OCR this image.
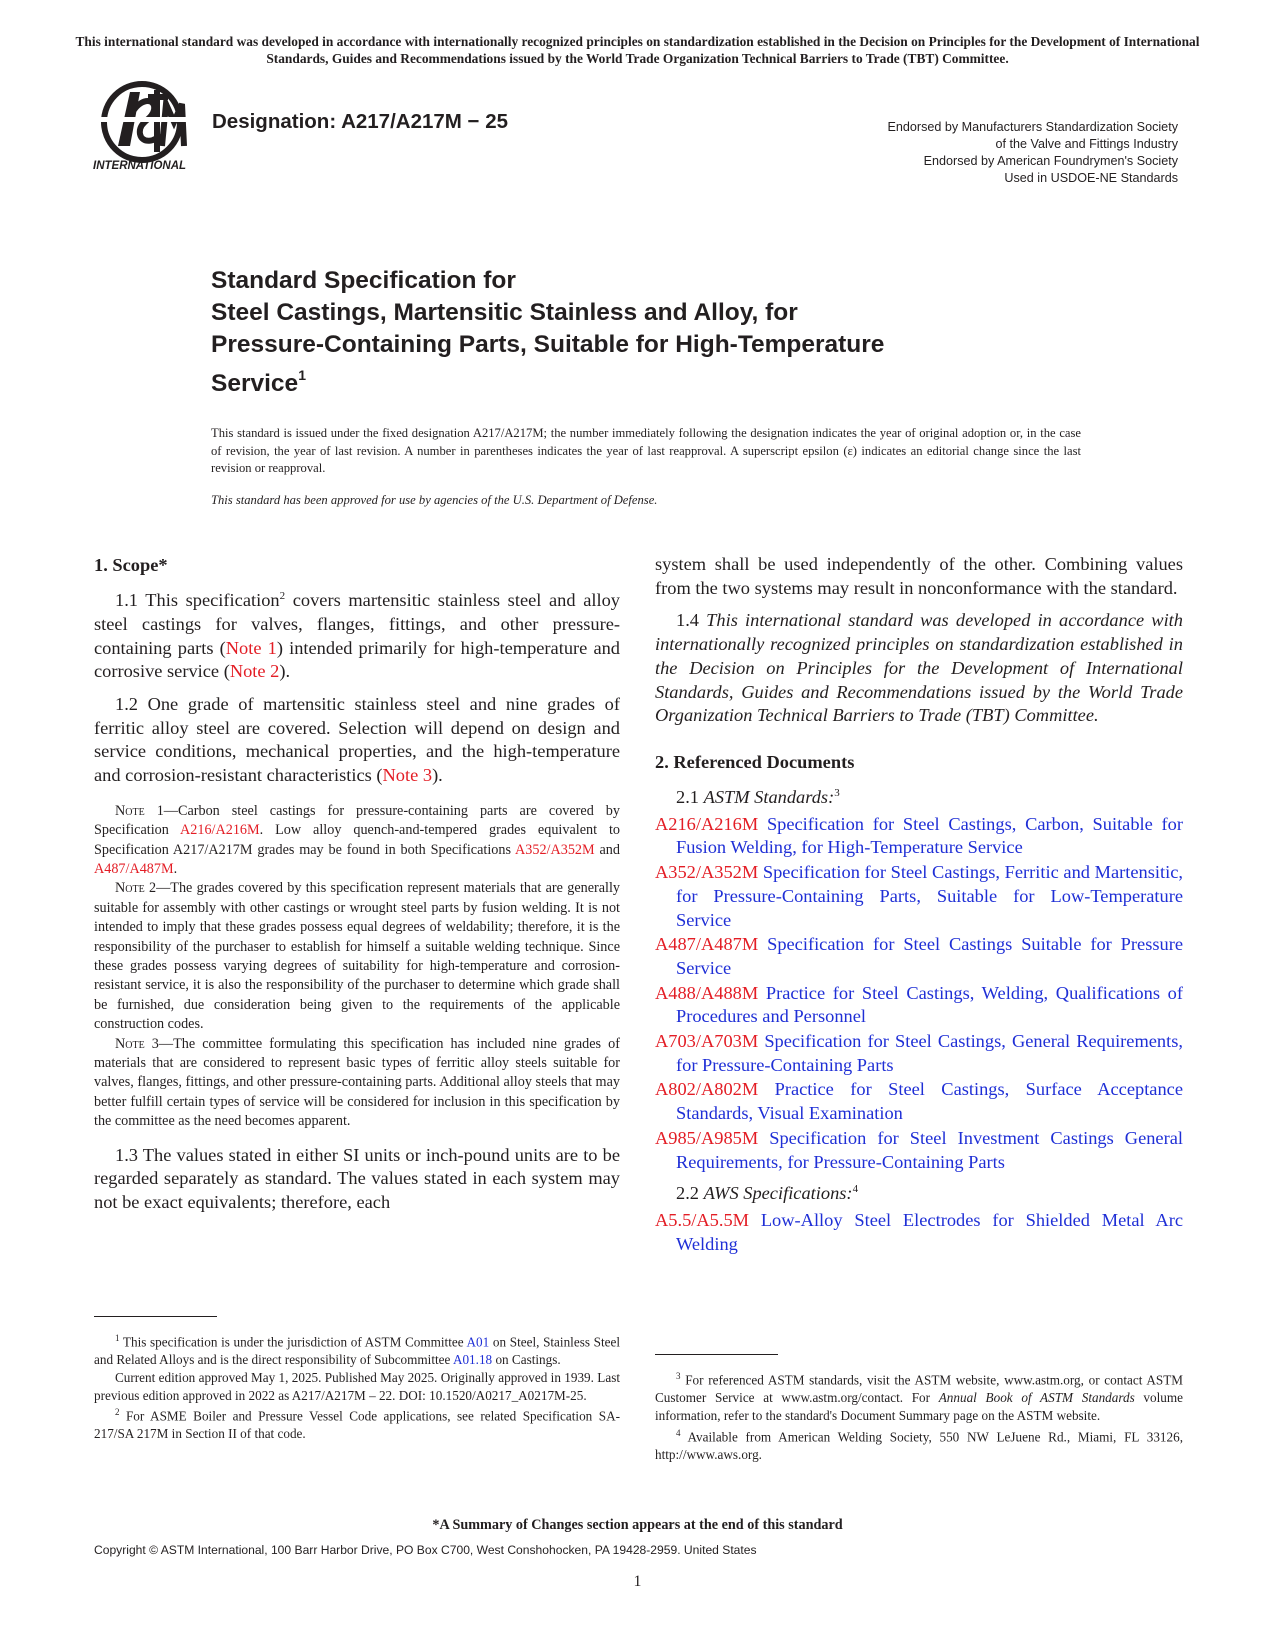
This international standard was developed in accordance with internationally recognized principles on standardization established in the Decision on Principles for the Development of International Standards, Guides and Recommendations issued by the World Trade Organization Technical Barriers to Trade (TBT) Committee.
INTERNATIONAL
Designation: A217/A217M − 25	Endorsed by Manufacturers Standardization Society
of the Valve and Fittings Industry
Endorsed by American Foundrymen's Society
Used in USDOE-NE Standards
Standard Specification for
Steel Castings, Martensitic Stainless and Alloy, for
Pressure-Containing Parts, Suitable for High-Temperature
Service$^1$
This standard is issued under the fixed designation A217/A217M; the number immediately following the designation indicates the year of original adoption or, in the case of revision, the year of last revision. A number in parentheses indicates the year of last reapproval. A superscript epsilon (ε) indicates an editorial change since the last revision or reapproval.
This standard has been approved for use by agencies of the U.S. Department of Defense.
1. Scope*

1.1 This specification$^2$ covers martensitic stainless steel and alloy steel castings for valves, flanges, fittings, and other pressure-containing parts (Note 1) intended primarily for high-temperature and corrosive service (Note 2).

1.2 One grade of martensitic stainless steel and nine grades of ferritic alloy steel are covered. Selection will depend on design and service conditions, mechanical properties, and the high-temperature and corrosion-resistant characteristics (Note 3).

Note 1—Carbon steel castings for pressure-containing parts are covered by Specification A216/A216M. Low alloy quench-and-tempered grades equivalent to Specification A217/A217M grades may be found in both Specifications A352/A352M and A487/A487M.

Note 2—The grades covered by this specification represent materials that are generally suitable for assembly with other castings or wrought steel parts by fusion welding. It is not intended to imply that these grades possess equal degrees of weldability; therefore, it is the responsibility of the purchaser to establish for himself a suitable welding technique. Since these grades possess varying degrees of suitability for high-temperature and corrosion-resistant service, it is also the responsibility of the purchaser to determine which grade shall be furnished, due consideration being given to the requirements of the applicable construction codes.

Note 3—The committee formulating this specification has included nine grades of materials that are considered to represent basic types of ferritic alloy steels suitable for valves, flanges, fittings, and other pressure-containing parts. Additional alloy steels that may better fulfill certain types of service will be considered for inclusion in this specification by the committee as the need becomes apparent.

1.3 The values stated in either SI units or inch-pound units are to be regarded separately as standard. The values stated in each system may not be exact equivalents; therefore, each

system shall be used independently of the other. Combining values from the two systems may result in nonconformance with the standard.

1.4 This international standard was developed in accordance with internationally recognized principles on standardization established in the Decision on Principles for the Development of International Standards, Guides and Recommendations issued by the World Trade Organization Technical Barriers to Trade (TBT) Committee.

2. Referenced Documents

2.1 ASTM Standards:$^3$

A216/A216M Specification for Steel Castings, Carbon, Suitable for Fusion Welding, for High-Temperature Service
A352/A352M Specification for Steel Castings, Ferritic and Martensitic, for Pressure-Containing Parts, Suitable for Low-Temperature Service
A487/A487M Specification for Steel Castings Suitable for Pressure Service
A488/A488M Practice for Steel Castings, Welding, Qualifications of Procedures and Personnel
A703/A703M Specification for Steel Castings, General Requirements, for Pressure-Containing Parts
A802/A802M Practice for Steel Castings, Surface Acceptance Standards, Visual Examination
A985/A985M Specification for Steel Investment Castings General Requirements, for Pressure-Containing Parts

2.2 AWS Specifications:$^4$

A5.5/A5.5M Low-Alloy Steel Electrodes for Shielded Metal Arc Welding

$^1$ This specification is under the jurisdiction of ASTM Committee A01 on Steel, Stainless Steel and Related Alloys and is the direct responsibility of Subcommittee A01.18 on Castings.

Current edition approved May 1, 2025. Published May 2025. Originally approved in 1939. Last previous edition approved in 2022 as A217/A217M – 22. DOI: 10.1520/A0217_A0217M-25.

$^2$ For ASME Boiler and Pressure Vessel Code applications, see related Specification SA-217/SA 217M in Section II of that code.

$^3$ For referenced ASTM standards, visit the ASTM website, www.astm.org, or contact ASTM Customer Service at www.astm.org/contact. For Annual Book of ASTM Standards volume information, refer to the standard's Document Summary page on the ASTM website.

$^4$ Available from American Welding Society, 550 NW LeJuene Rd., Miami, FL 33126, http://www.aws.org.

*A Summary of Changes section appears at the end of this standard
Copyright © ASTM International, 100 Barr Harbor Drive, PO Box C700, West Conshohocken, PA 19428-2959. United States
1
